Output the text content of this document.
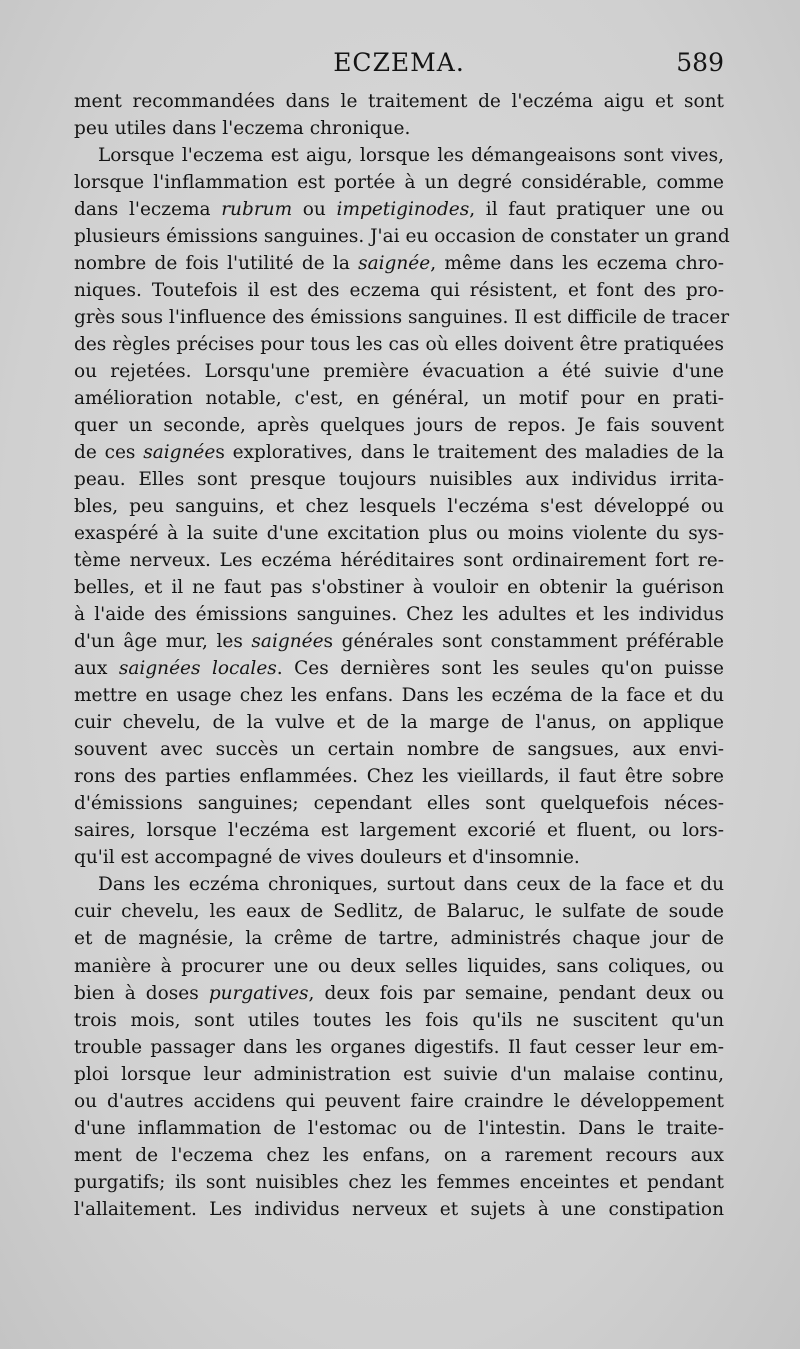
ECZEMA.	589
ment recommandées dans le traitement de l'eczéma aigu et sont
peu utiles dans l'eczema chronique.
Lorsque l'eczema est aigu, lorsque les démangeaisons sont vives,
lorsque l'inflammation est portée à un degré considérable, comme
dans l'eczema rubrum ou impetiginodes, il faut pratiquer une ou
plusieurs émissions sanguines. J'ai eu occasion de constater un grand
nombre de fois l'utilité de la saignée, même dans les eczema chro-
niques. Toutefois il est des eczema qui résistent, et font des pro-
grès sous l'influence des émissions sanguines. Il est difficile de tracer
des règles précises pour tous les cas où elles doivent être pratiquées
ou rejetées. Lorsqu'une première évacuation a été suivie d'une
amélioration notable, c'est, en général, un motif pour en prati-
quer un seconde, après quelques jours de repos. Je fais souvent
de ces saignées exploratives, dans le traitement des maladies de la
peau. Elles sont presque toujours nuisibles aux individus irrita-
bles, peu sanguins, et chez lesquels l'eczéma s'est développé ou
exaspéré à la suite d'une excitation plus ou moins violente du sys-
tème nerveux. Les eczéma héréditaires sont ordinairement fort re-
belles, et il ne faut pas s'obstiner à vouloir en obtenir la guérison
à l'aide des émissions sanguines. Chez les adultes et les individus
d'un âge mur, les saignées générales sont constamment préférable
aux saignées locales. Ces dernières sont les seules qu'on puisse
mettre en usage chez les enfans. Dans les eczéma de la face et du
cuir chevelu, de la vulve et de la marge de l'anus, on applique
souvent avec succès un certain nombre de sangsues, aux envi-
rons des parties enflammées. Chez les vieillards, il faut être sobre
d'émissions sanguines; cependant elles sont quelquefois néces-
saires, lorsque l'eczéma est largement excorié et fluent, ou lors-
qu'il est accompagné de vives douleurs et d'insomnie.
Dans les eczéma chroniques, surtout dans ceux de la face et du
cuir chevelu, les eaux de Sedlitz, de Balaruc, le sulfate de soude
et de magnésie, la crême de tartre, administrés chaque jour de
manière à procurer une ou deux selles liquides, sans coliques, ou
bien à doses purgatives, deux fois par semaine, pendant deux ou
trois mois, sont utiles toutes les fois qu'ils ne suscitent qu'un
trouble passager dans les organes digestifs. Il faut cesser leur em-
ploi lorsque leur administration est suivie d'un malaise continu,
ou d'autres accidens qui peuvent faire craindre le développement
d'une inflammation de l'estomac ou de l'intestin. Dans le traite-
ment de l'eczema chez les enfans, on a rarement recours aux
purgatifs; ils sont nuisibles chez les femmes enceintes et pendant
l'allaitement. Les individus nerveux et sujets à une constipation
